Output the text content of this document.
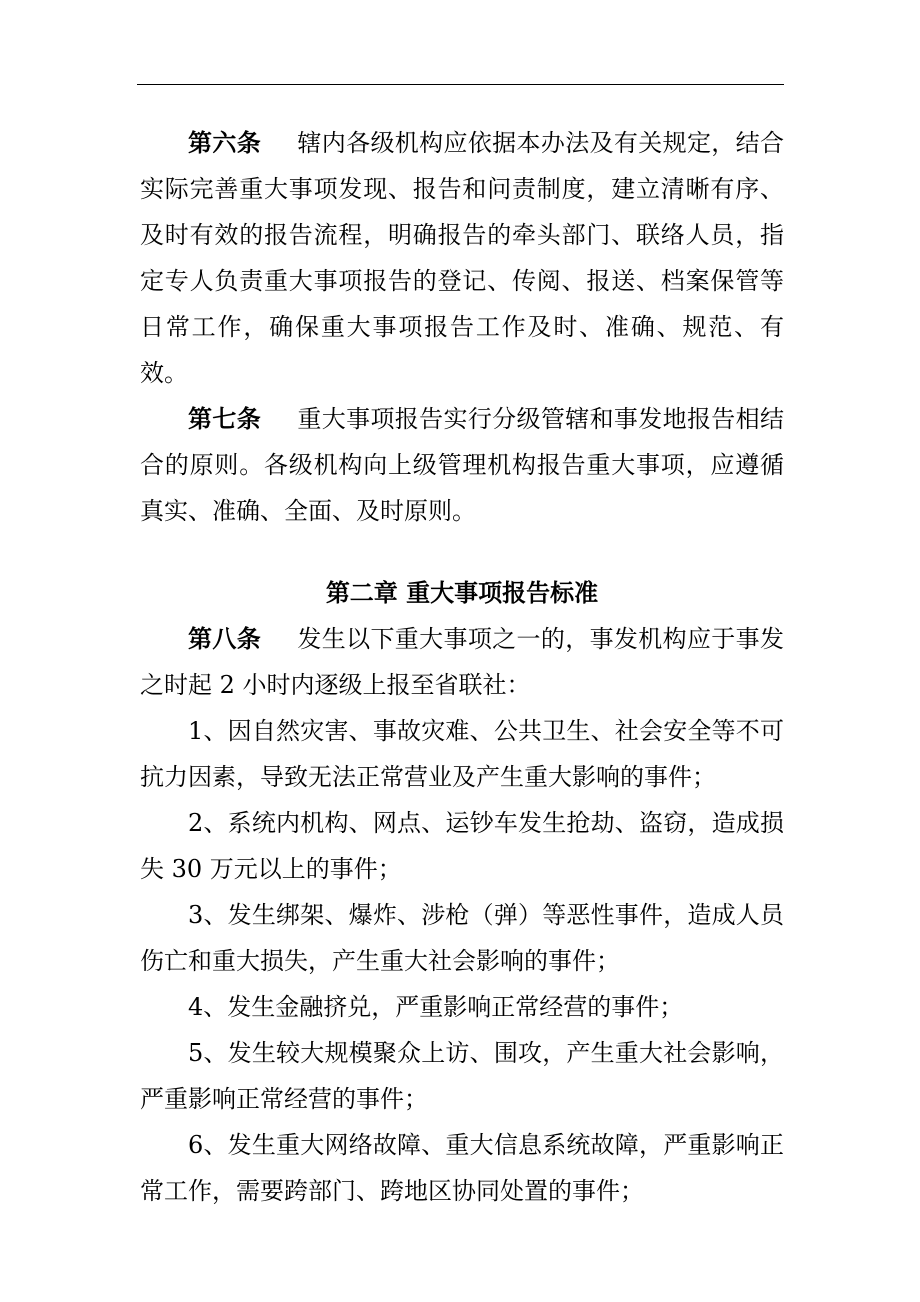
第六条 辖内各级机构应依据本办法及有关规定，结合实际完善重大事项发现、报告和问责制度，建立清晰有序、及时有效的报告流程，明确报告的牵头部门、联络人员，指定专人负责重大事项报告的登记、传阅、报送、档案保管等日常工作，确保重大事项报告工作及时、准确、规范、有效。

第七条 重大事项报告实行分级管辖和事发地报告相结合的原则。各级机构向上级管理机构报告重大事项，应遵循真实、准确、全面、及时原则。

第二章 重大事项报告标准

第八条 发生以下重大事项之一的，事发机构应于事发之时起 2 小时内逐级上报至省联社：

1、因自然灾害、事故灾难、公共卫生、社会安全等不可抗力因素，导致无法正常营业及产生重大影响的事件；

2、系统内机构、网点、运钞车发生抢劫、盗窃，造成损失 30 万元以上的事件；

3、发生绑架、爆炸、涉枪（弹）等恶性事件，造成人员伤亡和重大损失，产生重大社会影响的事件；

4、发生金融挤兑，严重影响正常经营的事件；

5、发生较大规模聚众上访、围攻，产生重大社会影响，严重影响正常经营的事件；

6、发生重大网络故障、重大信息系统故障，严重影响正常工作，需要跨部门、跨地区协同处置的事件；
